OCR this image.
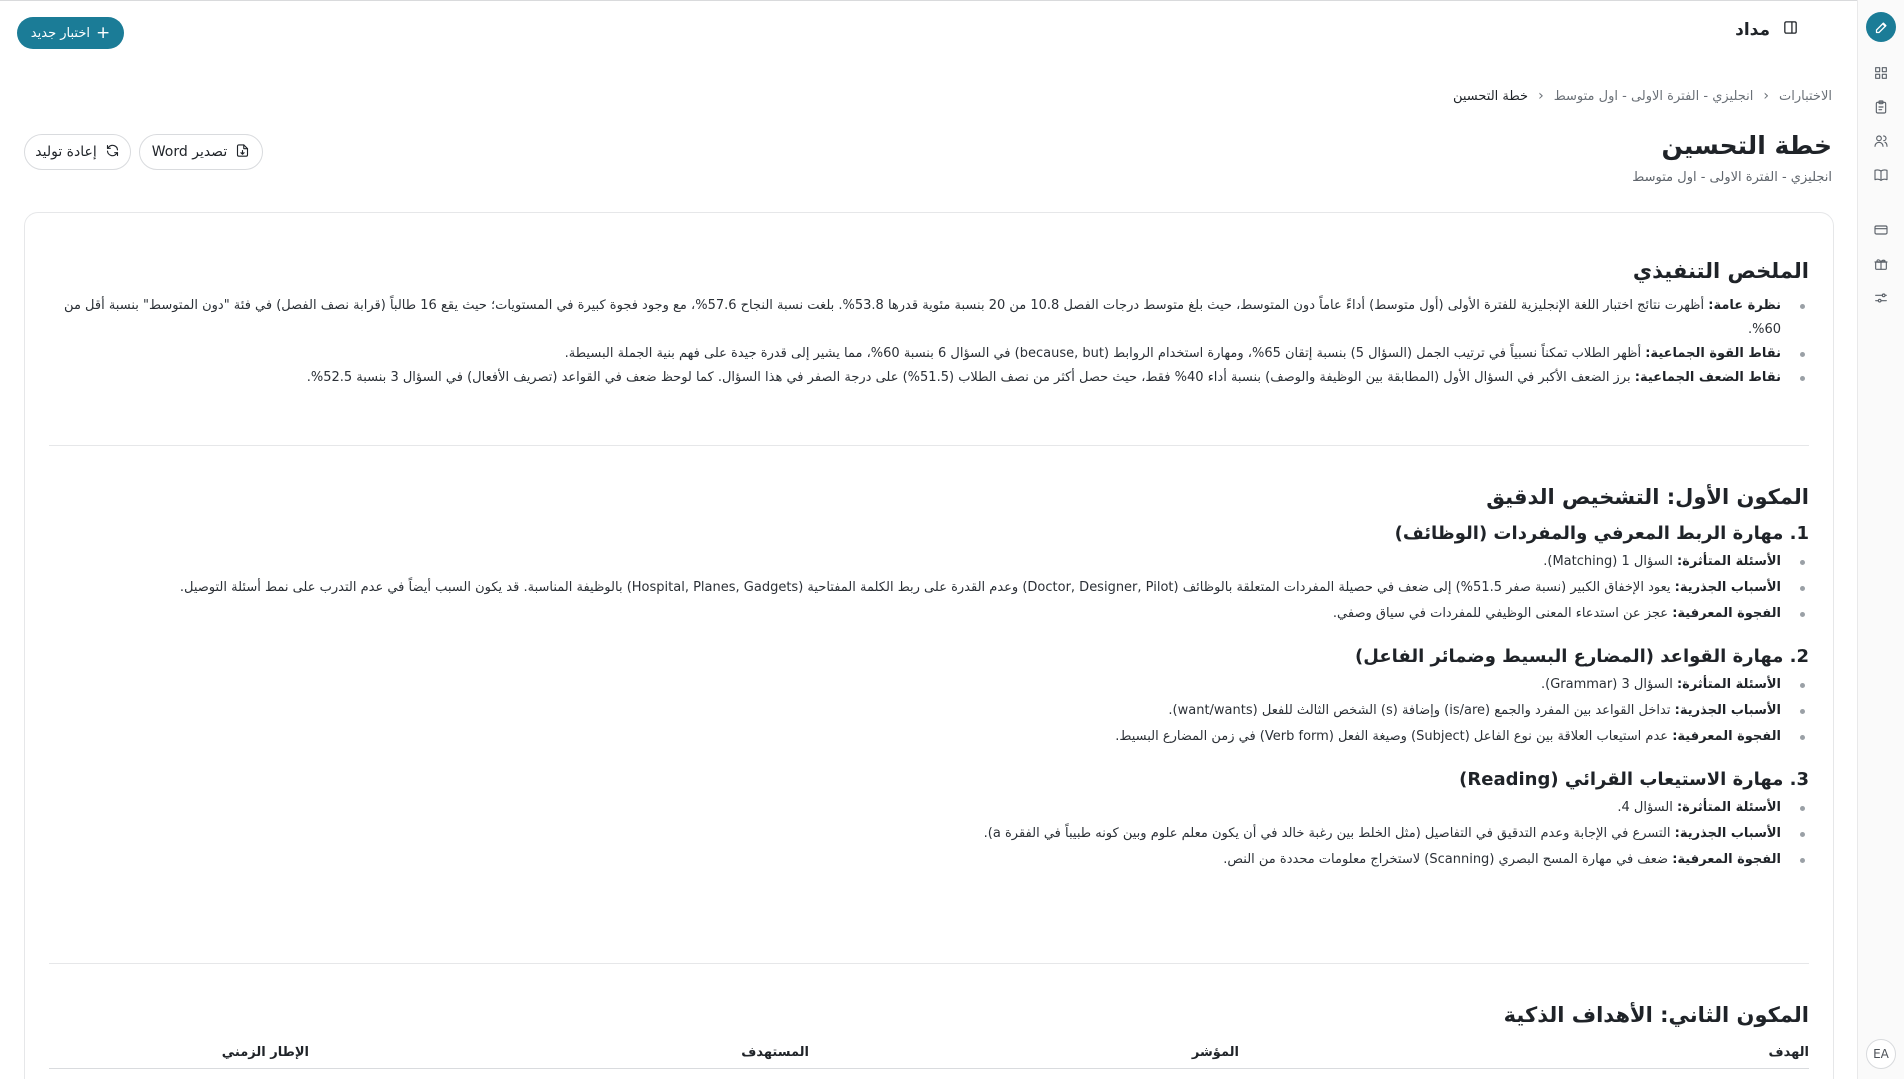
EA
+
اختبار جديد	مداد
الاختبارات
‹
انجليزي - الفترة الاولى - اول متوسط
‹
خطة التحسين
خطة التحسين
انجليزي - الفترة الاولى - اول متوسط
تصدير Word
إعادة توليد
الملخص التنفيذي
نظرة عامة: أظهرت نتائج اختبار اللغة الإنجليزية للفترة الأولى (أول متوسط) أداءً عاماً دون المتوسط، حيث بلغ متوسط درجات الفصل 10.8 من 20 بنسبة مئوية قدرها 53.8%. بلغت نسبة النجاح 57.6%، مع وجود فجوة كبيرة في المستويات؛ حيث يقع 16 طالباً (قرابة نصف الفصل) في فئة "دون المتوسط" بنسبة أقل من 60%.
نقاط القوة الجماعية: أظهر الطلاب تمكناً نسبياً في ترتيب الجمل (السؤال 5) بنسبة إتقان 65%، ومهارة استخدام الروابط (because, but) في السؤال 6 بنسبة 60%، مما يشير إلى قدرة جيدة على فهم بنية الجملة البسيطة.
نقاط الضعف الجماعية: برز الضعف الأكبر في السؤال الأول (المطابقة بين الوظيفة والوصف) بنسبة أداء 40% فقط، حيث حصل أكثر من نصف الطلاب (51.5%) على درجة الصفر في هذا السؤال. كما لوحظ ضعف في القواعد (تصريف الأفعال) في السؤال 3 بنسبة 52.5%.
المكون الأول: التشخيص الدقيق
1. مهارة الربط المعرفي والمفردات (الوظائف)
الأسئلة المتأثرة: السؤال 1 (Matching).
الأسباب الجذرية: يعود الإخفاق الكبير (نسبة صفر 51.5%) إلى ضعف في حصيلة المفردات المتعلقة بالوظائف (Doctor, Designer, Pilot) وعدم القدرة على ربط الكلمة المفتاحية (Hospital, Planes, Gadgets) بالوظيفة المناسبة. قد يكون السبب أيضاً في عدم التدرب على نمط أسئلة التوصيل.
الفجوة المعرفية: عجز عن استدعاء المعنى الوظيفي للمفردات في سياق وصفي.
2. مهارة القواعد (المضارع البسيط وضمائر الفاعل)
الأسئلة المتأثرة: السؤال 3 (Grammar).
الأسباب الجذرية: تداخل القواعد بين المفرد والجمع (is/are) وإضافة (s) الشخص الثالث للفعل (want/wants).
الفجوة المعرفية: عدم استيعاب العلاقة بين نوع الفاعل (Subject) وصيغة الفعل (Verb form) في زمن المضارع البسيط.
3. مهارة الاستيعاب القرائي (Reading)
الأسئلة المتأثرة: السؤال 4.
الأسباب الجذرية: التسرع في الإجابة وعدم التدقيق في التفاصيل (مثل الخلط بين رغبة خالد في أن يكون معلم علوم وبين كونه طبيباً في الفقرة a).
الفجوة المعرفية: ضعف في مهارة المسح البصري (Scanning) لاستخراج معلومات محددة من النص.
المكون الثاني: الأهداف الذكية
الهدف
المؤشر
المستهدف
الإطار الزمني
